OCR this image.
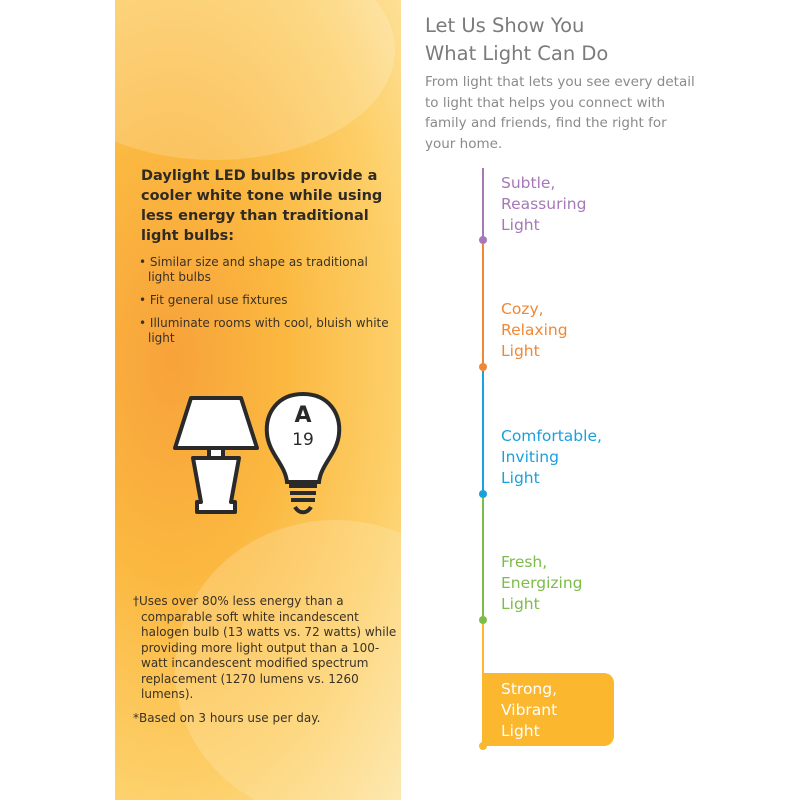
Daylight LED bulbs provide a cooler white tone while using less energy than traditional light bulbs:
• Similar size and shape as traditional light bulbs
• Fit general use fixtures
• Illuminate rooms with cool, bluish white light
A
19
†Uses over 80% less energy than a comparable soft white incandescent halogen bulb (13 watts vs. 72 watts) while providing more light output than a 100-watt incandescent modified spectrum replacement (1270 lumens vs. 1260 lumens).
*Based on 3 hours use per day.
Let Us Show You
What Light Can Do
From light that lets you see every detail to light that helps you connect with family and friends, find the right for your home.
Subtle,
Reassuring
Light
Cozy,
Relaxing
Light
Comfortable,
Inviting
Light
Fresh,
Energizing
Light
Strong,
Vibrant
Light
